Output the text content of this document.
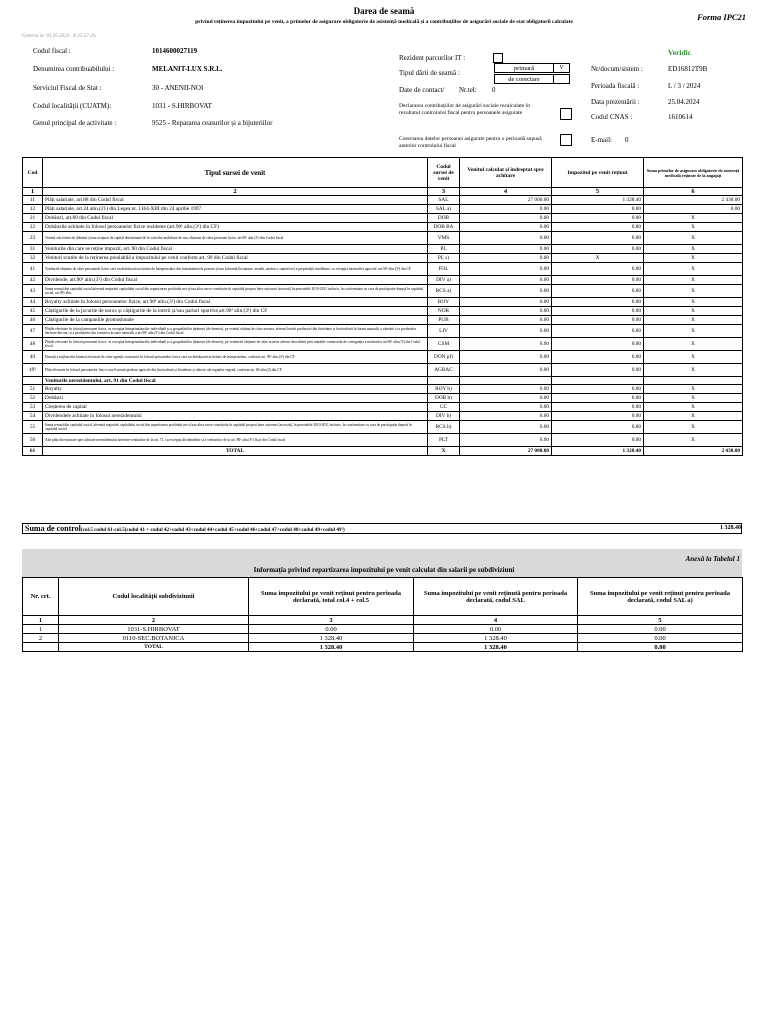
Darea de seamă
privind reținerea impozitului pe venit, a primelor de asigurare obligatorie de asistență medicală și a contribuțiilor de asigurări sociale de stat obligatorii calculate	Forma IPC21
Generat la: 01.05.2024 - 8:25:57 dis
Codul fiscal :	1014600027119
Denumirea contribuabilului :	MELANIT-LUX S.R.L.
Serviciul Fiscal de Stat :	30 - ANENII-NOI
Codul localității (CUATM):	1031 - S.HIRBOVAT
Genul principal de activitate :	9525 - Repararea ceasurilor și a bijuteriilor
Rezident parcurilor IT :
Tipul dării de seamă :
primară	V
de corectare
Date de contact/ Nr.tel: 0
Declararea contribuțiilor de asigurări sociale recalculate în rezultatul controlului fiscal pentru persoanele asigurate
Corectarea datelor persoanei asigurate pentru o perioadă supusă anterior controlului fiscal
Veridic
Nr/docum/sistem :	ED16812T9B
Perioada fiscală :	L / 3 / 2024
Data prezentării :	25.04.2024
Codul CNAS :	1610614
E-mail: 0
Cod	Tipul sursei de venit	Codul sursei de venit	Venitul calculat și îndreptat spre achitare	Impozitul pe venit reținut	Suma primelor de asigurare obligatorie de asistență medicală reținute de la angajați
1	2	3	4	5	6
11	Plăți salariale, art.88 din Codul fiscal	SAL	27 000.00	1 328.40	2 430.00
12	Plăți salariale, art.24 alin.(21) din Legea nr. 1164-XIII din 24 aprilie 1997	SAL a)	0.00	0.00	0.00
21	Dobânzi, art.89 din Codul fiscal	DOB	0.00	0.00	X
22	Dobânzile achitate în folosul persoanelor fizice rezidente (art.90¹ alin.(3¹) din CF)	DOB BA	0.00	0.00	X
23	Venitul sub formă de dobânzi și/sau avujurie de capital determinată de la valorilor mobiliare de stat, obținute de către persoane fizice, art.90¹ alin.(3¹) din Codul fiscal	VMS	0.00	0.00	X
31	Veniturile din care se reține impozit, art. 90 din Codul fiscal	PL	0.00	0.00	X
32	Venituri scutite de la reținerea prealabilă a impozitului pe venit conform art. 90 din Codul fiscal	PL s)	0.00	X	X
41	Veniturile obținute de către persoanele fizice care nu desfășoară activitate de întreprinzător din transmiterea în posesie și/sau folosință (locațiune, arendă, uzufruct, superficie) a proprietății imobiliare, cu excepția terenurilor agricole, art.90¹ alin.(3¹) din CF	FOL	0.00	0.00	X
42	Dividende, art.90¹ alin.(3¹) din Codul fiscal	DIV a)	0.00	0.00	X
43	Suma retrasă din capitalul social,aferentă majorării capitalului social din repartizarea profitului net și/sau altor surse constituite în capitalul propriu între acționari (asociați) în perioadele 2010-2011 inclusiv, în conformitate cu cota de participație depusă în capitalul social, art.90¹ alin.	RCS a)	0.00	0.00	X
44	Royalty achitate în folosul persoanelor fizice, art.90¹ alin.(3¹) din Codul fiscal	ROY	0.00	0.00	X
45	Câștigurile de la jocurile de noroc și câștigurile de la loterii și/sau pariuri sportive,art.90¹ alin.(3¹) din CF	NOR	0.00	0.00	X
46	Câștigurile de la campaniile promoționale	PUB	0.00	0.00	X
47	Plățile efectuate în folosul persoanei fizice, cu excepția întreprinzătorilor individuali și a gospodăriilor țărănești (de fermier), pe venitul obținut de către aceasta, aferent livrării producției din fitotehnie și horticultură în formă naturală, a vânzării și a produselor derivate din unt, și a produselor din creșterea în stare naturală, a art.90¹ alin.(3¹) din Codul fiscal	LIV	0.00	0.00	X
48	Plățile efectuate în folosul persoanei fizice, cu excepția întreprinzătorilor individuali și a gospodăriilor țărănești (de fermier), pe veniturile obținute de către aceasta aferent dezvoltării prin unitățile comerciale de consignație a mărfurilor art.90¹ alin.(3¹) din Codul fiscal	CSM	0.00	0.00	X
49	Donații a mijloacelor bănești efectuate de către agenții economici în folosul persoanelor fizice care nu desfășoară activitate de întreprinzător, conform art. 90¹ alin.(3¹) din CF	DON pf)	0.00	0.00	X
49¹	Plăți efectuate în folosul persoanelor fizice care livrează produse agricole din horticultură și fitotehnie și obiecte ale regnului vegetal, conform art. 69 alin.(2) din CF	AGRAC	0.00	0.00	X
	Veniturile nerezidentului, art. 91 din Codul fiscal				
51	Royalty	ROY b)	0.00	0.00	X
52	Dobânzi	DOB b)	0.00	0.00	X
53	Creșterea de capital	CC	0.00	0.00	X
54	Dividendele achitate în folosul nerezidentului	DIV b)	0.00	0.00	X
55	Suma retrasă din capitalul social, aferentă majorării capitalului social din repartizarea profitului net și/sau altor surse constituite în capitalul propriu între acționari (asociați), în perioadele 2010-2011 inclusiv, în conformitate cu cota de participație depusă în capitalul social	RCS b)	0.00	0.00	X
56	Alte plăți direcționate spre achitare nerezidentului aferente veniturilor de la art. 71, cu excepția dividendelor și a veniturilor de la art. 88¹ alin.(3¹) lit.a) din Codul fiscal	PLT	0.00	0.00	X
61	TOTAL	X	27 000.00	1 328.40	2 430.00
Suma de control(col.5 codul 61-col.5(codul 41 + codul 42+codul 43+codul 44+codul 45+codul 46+codul 47+codul 48+codul 49+codul 49¹)	1 328.40
Anexă la Tabelul 1
Informația privind repartizarea impozitului pe venit calculat din salarii pe subdiviziuni
Nr. crt.	Codul localității subdiviziunii	Suma impozitului pe venit reținut pentru perioada declarată, total col.4 + col.5	Suma impozitului pe venit reținută pentru perioada declarată, codul SAL	Suma impozitului pe venit reținut pentru perioada declarată, codul SAL a)
1	2	3	4	5
1	1031-S.HIRBOVAT	0.00	0.00	0.00
2	0110-SEC.BOTANICA	1 328.40	1 328.40	0.00
	TOTAL	1 328.40	1 328.40	0.00
